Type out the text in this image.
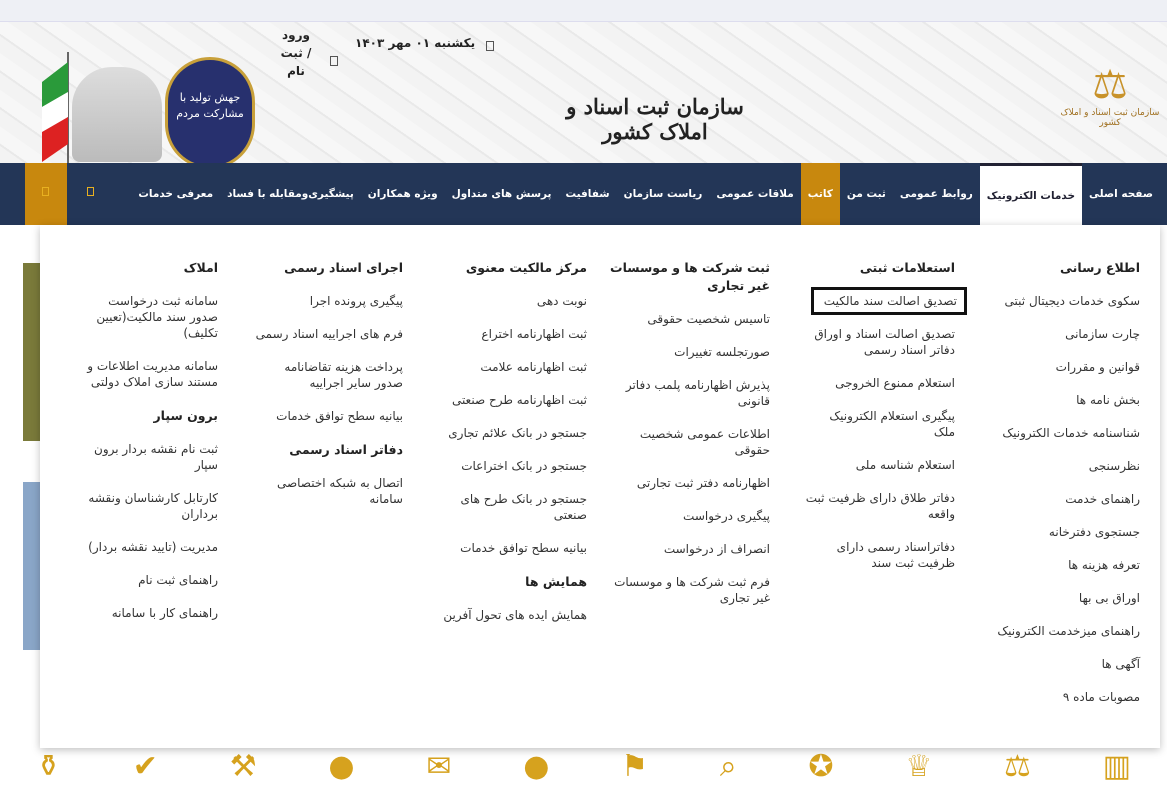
⚖
سازمان ثبت اسناد و املاک کشور
سازمان ثبت اسناد و املاک کشور
جهش تولید با مشارکت مردم
یکشنبه ۰۱ مهر ۱۴۰۳
ورود / ثبت نام
⚱ ✔ ⚒ ● ✉ ● ⚑ ⌕ ✪ ♕ ⚖ ▥
صفحه اصلی
خدمات الکترونیک
روابط عمومی
ثبت من
کاتب
ملاقات عمومی
ریاست سازمان
شفافیت
پرسش های متداول
ویژه همکاران
پیشگیری‌ومقابله با فساد
معرفی خدمات
اطلاع رسانی
سکوی خدمات دیجیتال ثبتی
چارت سازمانی
قوانین و مقررات
بخش نامه ها
شناسنامه خدمات الکترونیک
نظرسنجی
راهنمای خدمت
جستجوی دفترخانه
تعرفه هزینه ها
اوراق بی بها
راهنمای میزخدمت الکترونیک
آگهی ها
مصوبات ماده ۹
استعلامات ثبتی
تصدیق اصالت سند مالکیت
تصدیق اصالت اسناد و اوراق دفاتر اسناد رسمی
استعلام ممنوع الخروجی
پیگیری استعلام الکترونیک ملک
استعلام شناسه ملی
دفاتر طلاق دارای ظرفیت ثبت واقعه
دفاتراسناد رسمی دارای ظرفیت ثبت سند
ثبت شرکت ها و موسسات غیر تجاری
تاسیس شخصیت حقوقی
صورتجلسه تغییرات
پذیرش اظهارنامه پلمب دفاتر قانونی
اطلاعات عمومی شخصیت حقوقی
اظهارنامه دفتر ثبت تجارتی
پیگیری درخواست
انصراف از درخواست
فرم ثبت شرکت ها و موسسات غیر تجاری
مرکز مالکیت معنوی
نوبت دهی
ثبت اظهارنامه اختراع
ثبت اظهارنامه علامت
ثبت اظهارنامه طرح صنعتی
جستجو در بانک علائم تجاری
جستجو در بانک اختراعات
جستجو در بانک طرح های صنعتی
بیانیه سطح توافق خدمات
همایش ها
همایش ایده های تحول آفرین
اجرای اسناد رسمی
پیگیری پرونده اجرا
فرم های اجراییه اسناد رسمی
پرداخت هزینه تقاضانامه صدور سایر اجراییه
بیانیه سطح توافق خدمات
دفاتر اسناد رسمی
اتصال به شبکه اختصاصی سامانه
املاک
سامانه ثبت درخواست صدور سند مالکیت(تعیین تکلیف)
سامانه مدیریت اطلاعات و مستند سازی املاک دولتی
برون سپار
ثبت نام نقشه بردار برون سپار
کارتابل کارشناسان ونقشه برداران
مدیریت (تایید نقشه بردار)
راهنمای ثبت نام
راهنمای کار با سامانه
